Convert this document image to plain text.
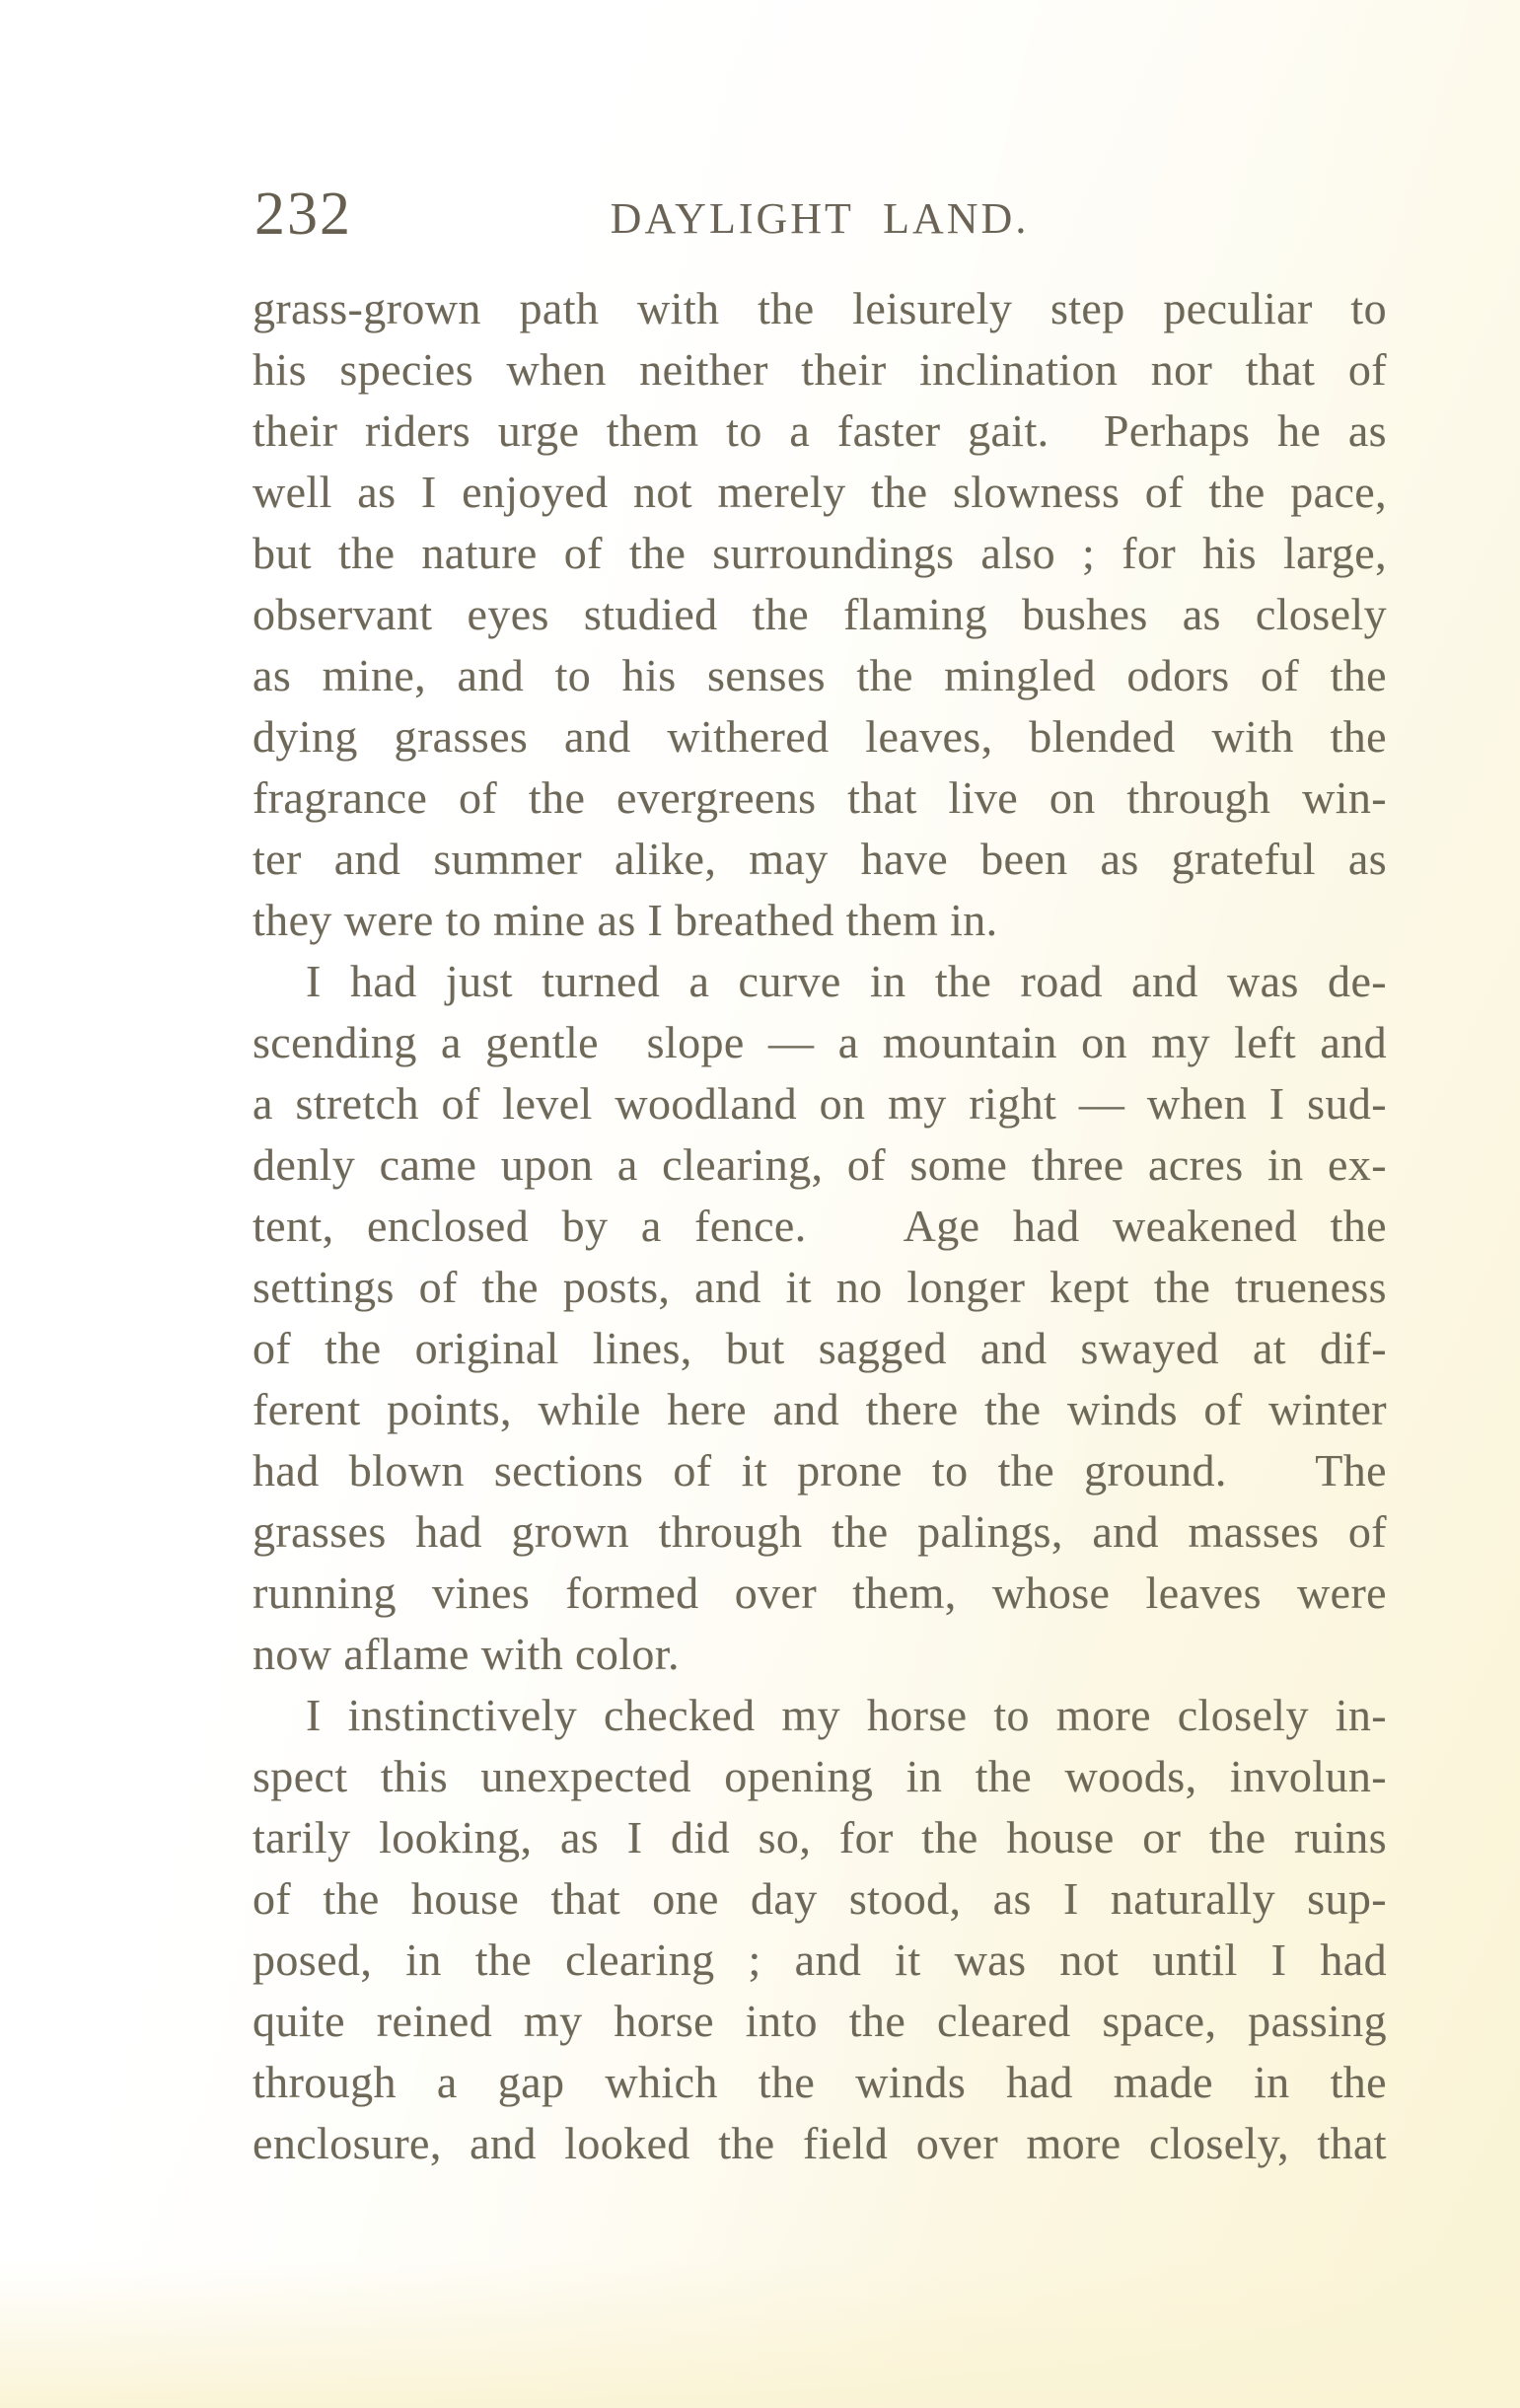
232	DAYLIGHT LAND.
grass-grown path with the leisurely step peculiar to
his species when neither their inclination nor that of
their riders urge them to a faster gait.  Perhaps he as
well as I enjoyed not merely the slowness of the pace,
but the nature of the surroundings also ; for his large,
observant eyes studied the flaming bushes as closely
as mine, and to his senses the mingled odors of the
dying grasses and withered leaves, blended with the
fragrance of the evergreens that live on through win-
ter and summer alike, may have been as grateful as
they were to mine as I breathed them in.
I had just turned a curve in the road and was de-
scending a gentle  slope — a mountain on my left and
a stretch of level woodland on my right — when I sud-
denly came upon a clearing, of some three acres in ex-
tent, enclosed by a fence.   Age had weakened the
settings of the posts, and it no longer kept the trueness
of the original lines, but sagged and swayed at dif-
ferent points, while here and there the winds of winter
had blown sections of it prone to the ground.   The
grasses had grown through the palings, and masses of
running vines formed over them, whose leaves were
now aflame with color.
I instinctively checked my horse to more closely in-
spect this unexpected opening in the woods, involun-
tarily looking, as I did so, for the house or the ruins
of the house that one day stood, as I naturally sup-
posed, in the clearing ; and it was not until I had
quite reined my horse into the cleared space, passing
through a gap which the winds had made in the
enclosure, and looked the field over more closely, that
